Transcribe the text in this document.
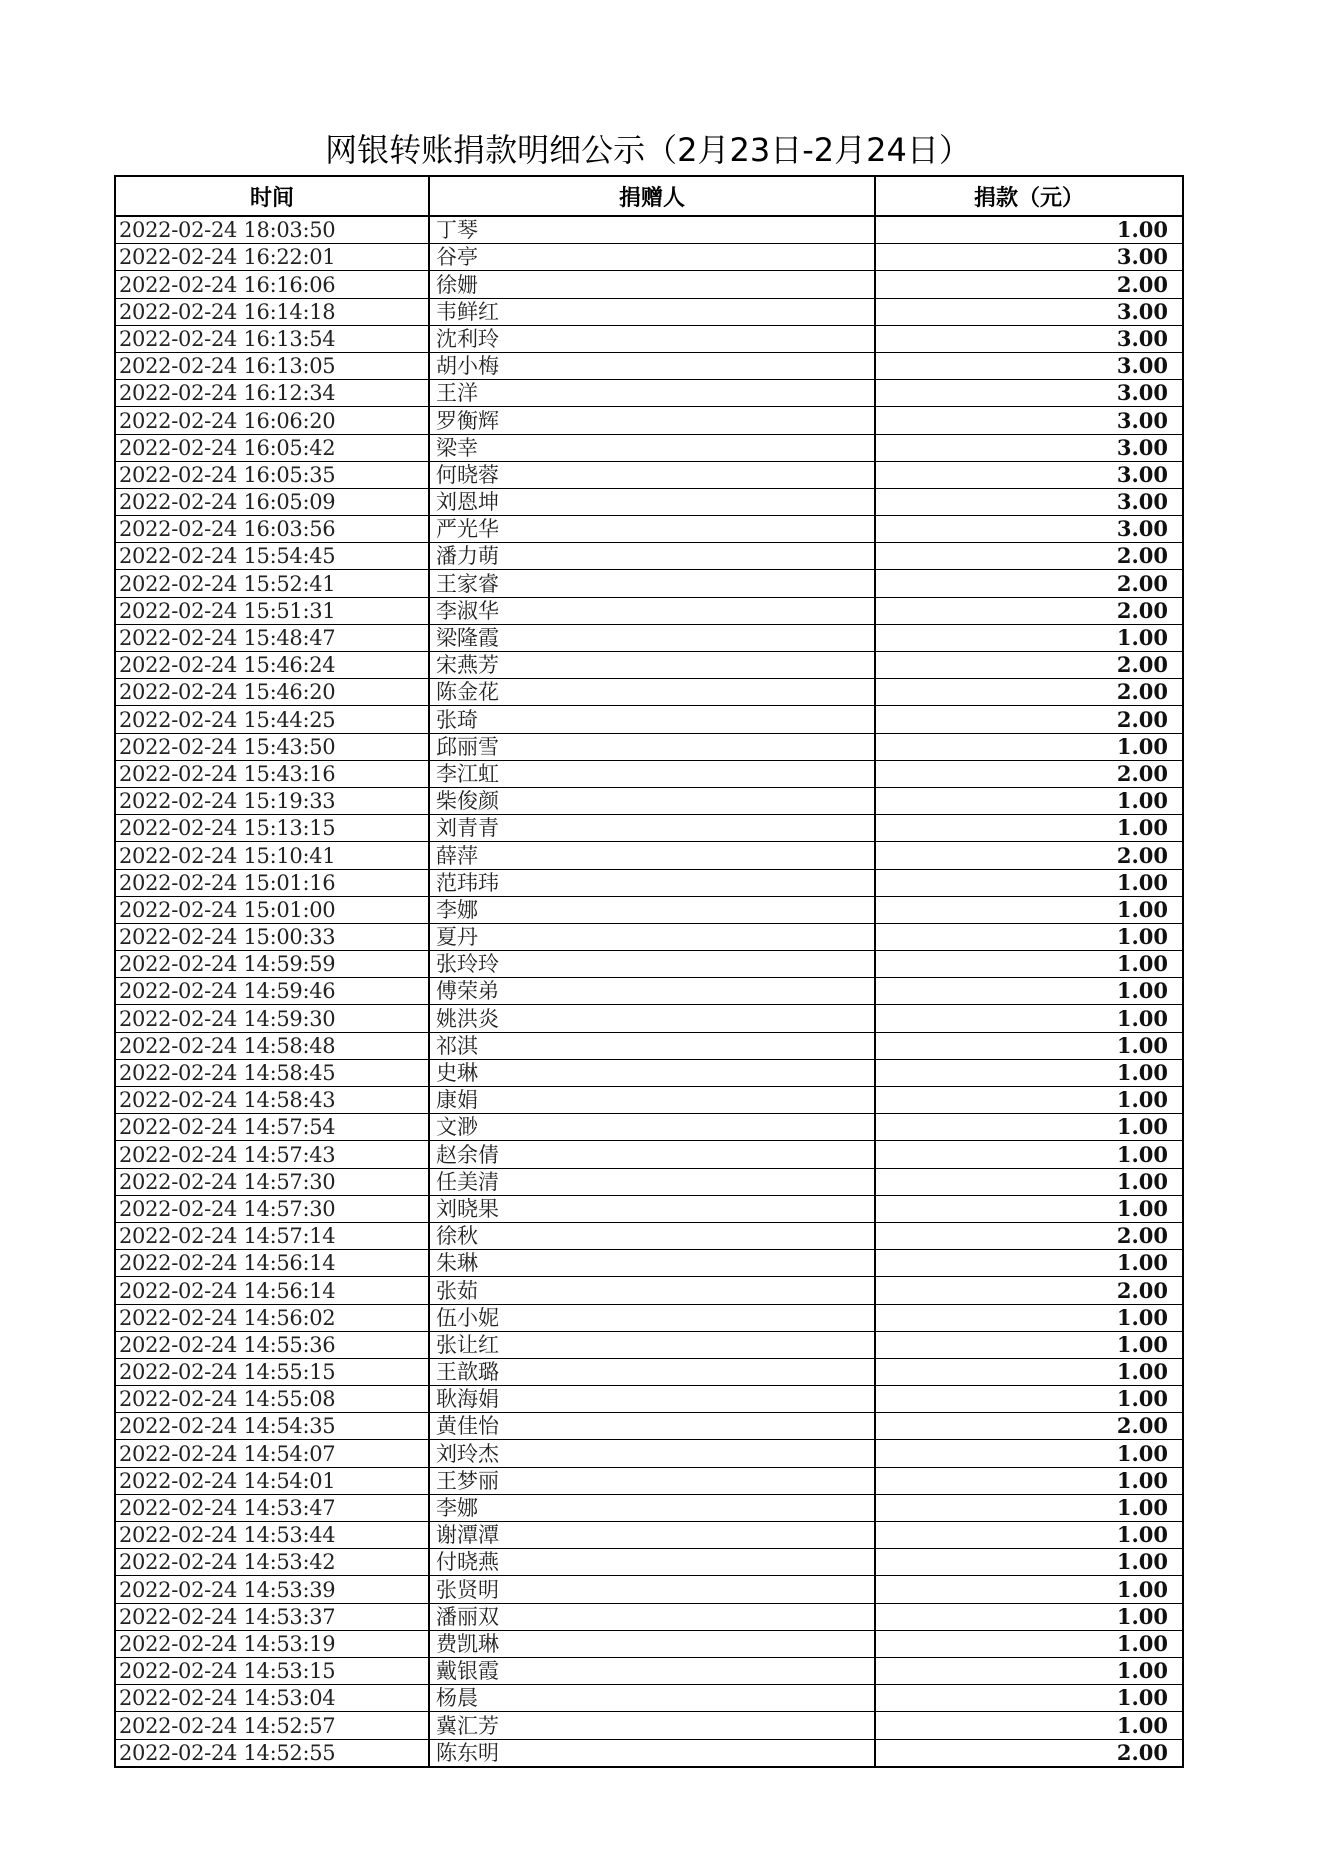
网银转账捐款明细公示（2月23日-2月24日）
时间	捐赠人	捐款（元）
2022-02-24 18:03:50	丁琴	1.00
2022-02-24 16:22:01	谷亭	3.00
2022-02-24 16:16:06	徐姗	2.00
2022-02-24 16:14:18	韦鲜红	3.00
2022-02-24 16:13:54	沈利玲	3.00
2022-02-24 16:13:05	胡小梅	3.00
2022-02-24 16:12:34	王洋	3.00
2022-02-24 16:06:20	罗衡辉	3.00
2022-02-24 16:05:42	梁幸	3.00
2022-02-24 16:05:35	何晓蓉	3.00
2022-02-24 16:05:09	刘恩坤	3.00
2022-02-24 16:03:56	严光华	3.00
2022-02-24 15:54:45	潘力萌	2.00
2022-02-24 15:52:41	王家睿	2.00
2022-02-24 15:51:31	李淑华	2.00
2022-02-24 15:48:47	梁隆霞	1.00
2022-02-24 15:46:24	宋燕芳	2.00
2022-02-24 15:46:20	陈金花	2.00
2022-02-24 15:44:25	张琦	2.00
2022-02-24 15:43:50	邱丽雪	1.00
2022-02-24 15:43:16	李江虹	2.00
2022-02-24 15:19:33	柴俊颜	1.00
2022-02-24 15:13:15	刘青青	1.00
2022-02-24 15:10:41	薛萍	2.00
2022-02-24 15:01:16	范玮玮	1.00
2022-02-24 15:01:00	李娜	1.00
2022-02-24 15:00:33	夏丹	1.00
2022-02-24 14:59:59	张玲玲	1.00
2022-02-24 14:59:46	傅荣弟	1.00
2022-02-24 14:59:30	姚洪炎	1.00
2022-02-24 14:58:48	祁淇	1.00
2022-02-24 14:58:45	史琳	1.00
2022-02-24 14:58:43	康娟	1.00
2022-02-24 14:57:54	文渺	1.00
2022-02-24 14:57:43	赵余倩	1.00
2022-02-24 14:57:30	任美清	1.00
2022-02-24 14:57:30	刘晓果	1.00
2022-02-24 14:57:14	徐秋	2.00
2022-02-24 14:56:14	朱琳	1.00
2022-02-24 14:56:14	张茹	2.00
2022-02-24 14:56:02	伍小妮	1.00
2022-02-24 14:55:36	张让红	1.00
2022-02-24 14:55:15	王歆璐	1.00
2022-02-24 14:55:08	耿海娟	1.00
2022-02-24 14:54:35	黄佳怡	2.00
2022-02-24 14:54:07	刘玲杰	1.00
2022-02-24 14:54:01	王梦丽	1.00
2022-02-24 14:53:47	李娜	1.00
2022-02-24 14:53:44	谢潭潭	1.00
2022-02-24 14:53:42	付晓燕	1.00
2022-02-24 14:53:39	张贤明	1.00
2022-02-24 14:53:37	潘丽双	1.00
2022-02-24 14:53:19	费凯琳	1.00
2022-02-24 14:53:15	戴银霞	1.00
2022-02-24 14:53:04	杨晨	1.00
2022-02-24 14:52:57	冀汇芳	1.00
2022-02-24 14:52:55	陈东明	2.00
